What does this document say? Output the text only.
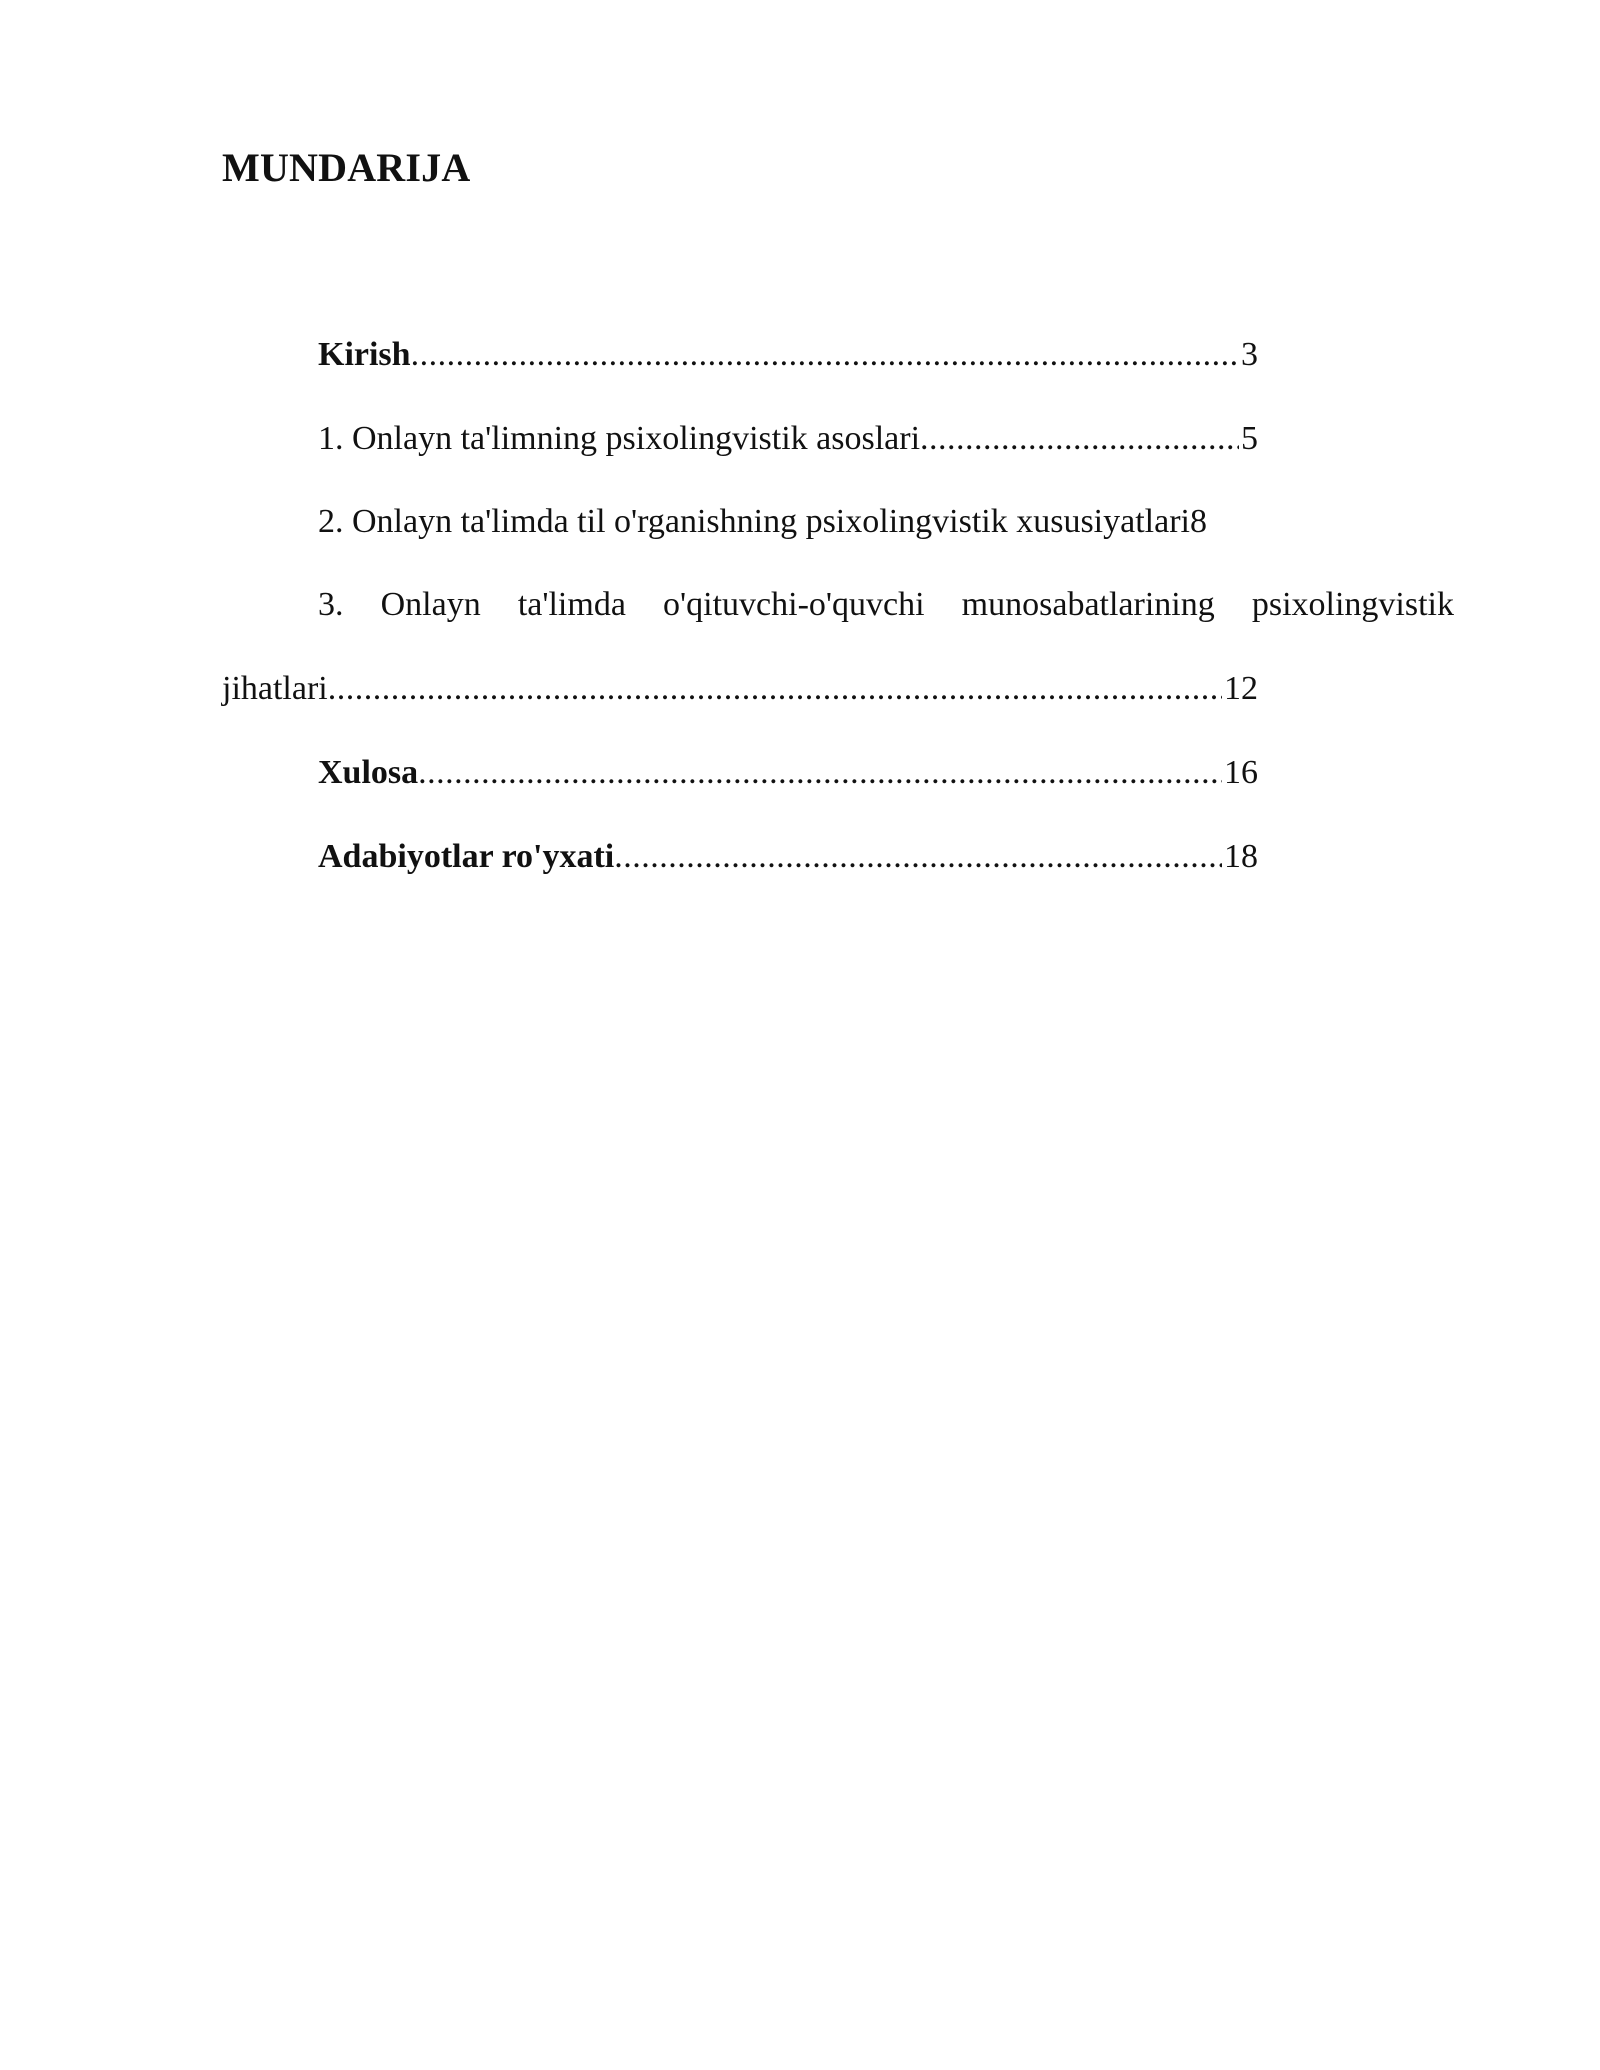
MUNDARIJA
Kirish .....	3
1. Onlayn ta'limning psixolingvistik asoslari .....	5
2. Onlayn ta'limda til o'rganishning psixolingvistik xususiyatlari 8
3. Onlayn ta'limda o'qituvchi-o'quvchi munosabatlarining psixolingvistik
jihatlari .....	12
Xulosa .....	16
Adabiyotlar ro'yxati .....	18
